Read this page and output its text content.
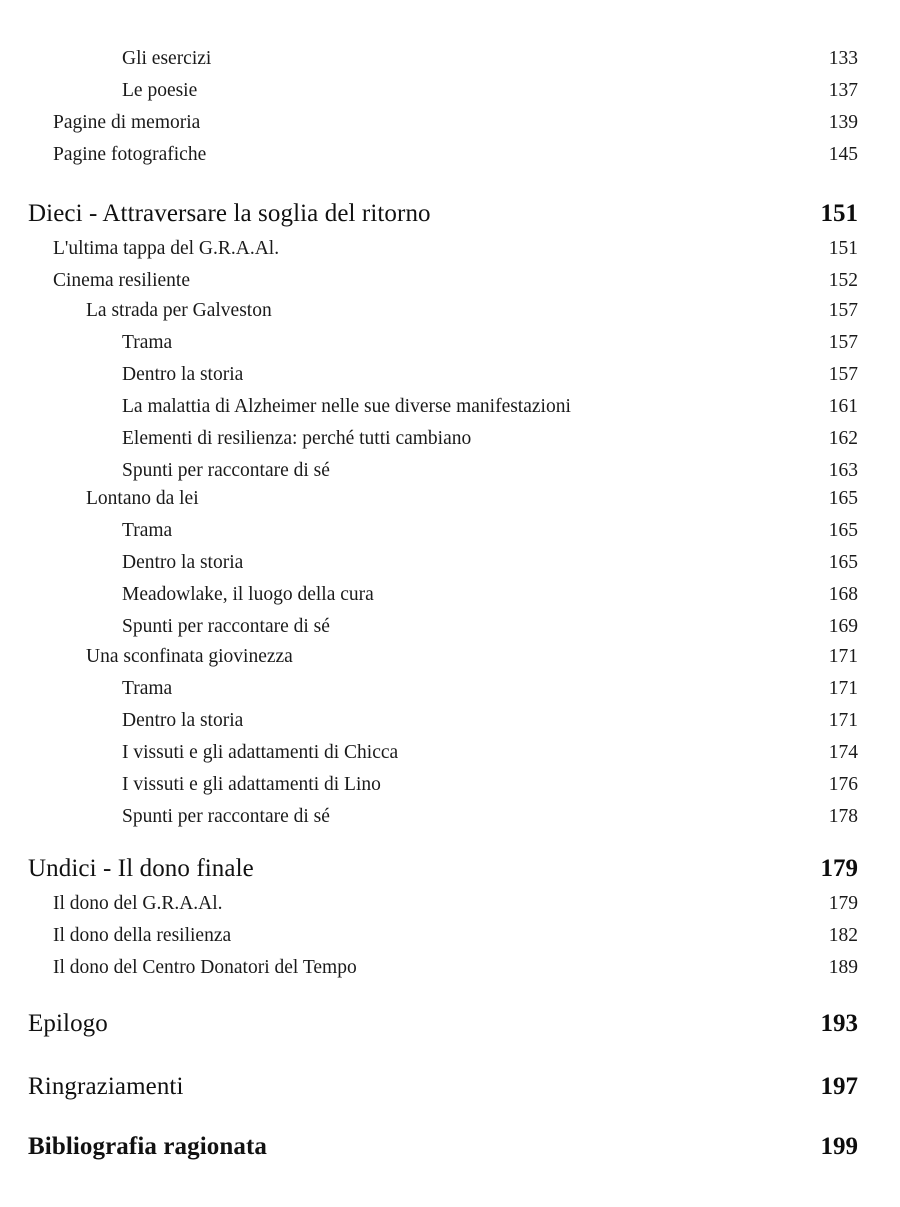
Gli esercizi	133
Le poesie	137
Pagine di memoria	139
Pagine fotografiche	145
Dieci - Attraversare la soglia del ritorno	151
L'ultima tappa del G.R.A.Al.	151
Cinema resiliente	152
La strada per Galveston	157
Trama	157
Dentro la storia	157
La malattia di Alzheimer nelle sue diverse manifestazioni	161
Elementi di resilienza: perché tutti cambiano	162
Spunti per raccontare di sé	163
Lontano da lei	165
Trama	165
Dentro la storia	165
Meadowlake, il luogo della cura	168
Spunti per raccontare di sé	169
Una sconfinata giovinezza	171
Trama	171
Dentro la storia	171
I vissuti e gli adattamenti di Chicca	174
I vissuti e gli adattamenti di Lino	176
Spunti per raccontare di sé	178
Undici - Il dono finale	179
Il dono del G.R.A.Al.	179
Il dono della resilienza	182
Il dono del Centro Donatori del Tempo	189
Epilogo	193
Ringraziamenti	197
Bibliografia ragionata	199
